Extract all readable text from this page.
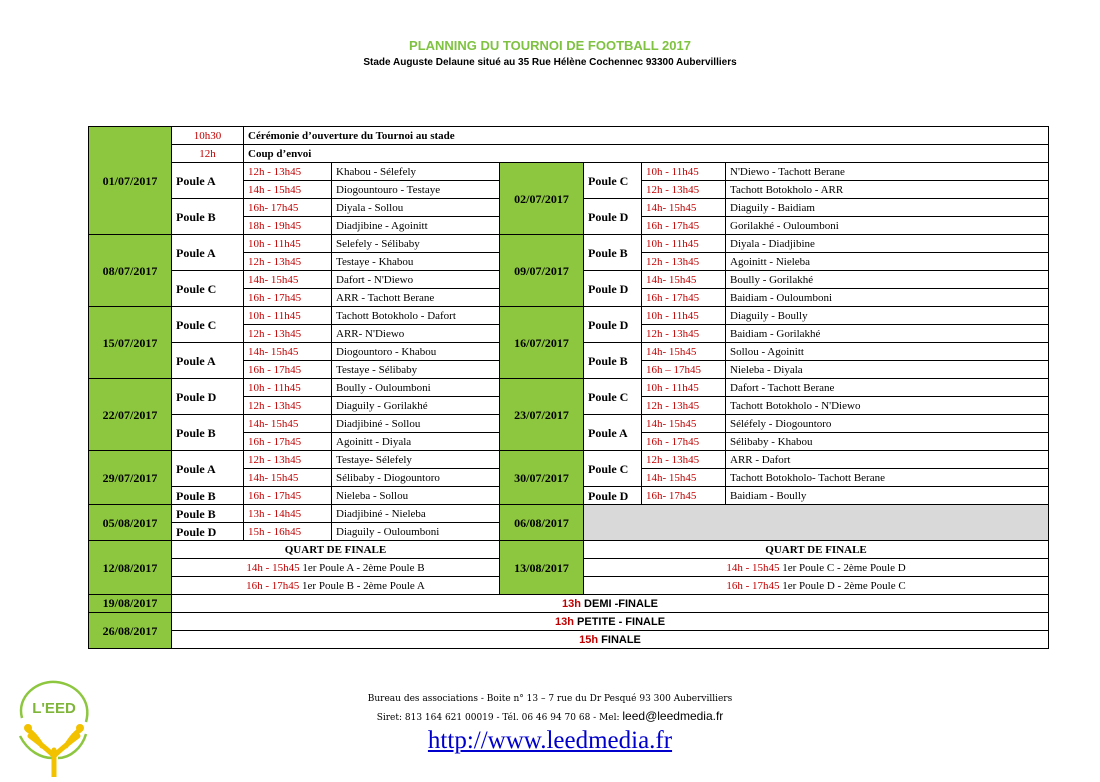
PLANNING DU TOURNOI DE FOOTBALL 2017
Stade Auguste Delaune situé au 35 Rue Hélène Cochennec 93300 Aubervilliers
01/07/2017	10h30	Cérémonie d’ouverture du Tournoi au stade					
	12h	Coup d’envoi					
	Poule A	12h - 13h45	Khabou - Sélefely	02/07/2017	Poule C	10h - 11h45	N'Diewo - Tachott Berane
		14h - 15h45	Diogountouro - Testaye			12h - 13h45	Tachott Botokholo - ARR
	Poule B	16h- 17h45	Diyala - Sollou		Poule D	14h- 15h45	Diaguily - Baidiam
		18h - 19h45	Diadjibine - Agoinitt			16h - 17h45	Gorilakhé - Ouloumboni
08/07/2017	Poule A	10h - 11h45	Selefely - Sélibaby	09/07/2017	Poule B	10h - 11h45	Diyala - Diadjibine
		12h - 13h45	Testaye - Khabou			12h - 13h45	Agoinitt - Nieleba
	Poule C	14h- 15h45	Dafort - N'Diewo		Poule D	14h- 15h45	Boully - Gorilakhé
		16h - 17h45	ARR - Tachott Berane			16h - 17h45	Baidiam - Ouloumboni
15/07/2017	Poule C	10h - 11h45	Tachott Botokholo - Dafort	16/07/2017	Poule D	10h - 11h45	Diaguily - Boully
		12h - 13h45	ARR- N'Diewo			12h - 13h45	Baidiam - Gorilakhé
	Poule A	14h- 15h45	Diogountoro - Khabou		Poule B	14h- 15h45	Sollou - Agoinitt
		16h - 17h45	Testaye - Sélibaby			16h – 17h45	Nieleba - Diyala
22/07/2017	Poule D	10h - 11h45	Boully - Ouloumboni	23/07/2017	Poule C	10h - 11h45	Dafort - Tachott Berane
		12h - 13h45	Diaguily - Gorilakhé			12h - 13h45	Tachott Botokholo - N'Diewo
	Poule B	14h- 15h45	Diadjibiné - Sollou		Poule A	14h- 15h45	Séléfely - Diogountoro
		16h - 17h45	Agoinitt - Diyala			16h - 17h45	Sélibaby - Khabou
29/07/2017	Poule A	12h - 13h45	Testaye- Sélefely	30/07/2017	Poule C	12h - 13h45	ARR - Dafort
		14h- 15h45	Sélibaby - Diogountoro			14h- 15h45	Tachott Botokholo- Tachott Berane
	Poule B	16h - 17h45	Nieleba - Sollou		Poule D	16h- 17h45	Baidiam - Boully
05/08/2017	Poule B	13h - 14h45	Diadjibiné - Nieleba	06/08/2017			
	Poule D	15h - 16h45	Diaguily - Ouloumboni				
12/08/2017	QUART DE FINALE			13/08/2017	QUART DE FINALE		
	14h - 15h45 1er Poule A - 2ème Poule B				14h - 15h45 1er Poule C - 2ème Poule D		
	16h - 17h45 1er Poule B - 2ème Poule A				16h - 17h45 1er Poule D - 2ème Poule C		
19/08/2017	13h DEMI -FINALE						
26/08/2017	13h PETITE - FINALE						
	15h FINALE						
Bureau des associations - Boite n° 13 – 7 rue du Dr Pesqué 93 300 Aubervilliers
Siret: 813 164 621 00019 - Tél. 06 46 94 70 68 - Mel: leed@leedmedia.fr
http://www.leedmedia.fr
L'EED
